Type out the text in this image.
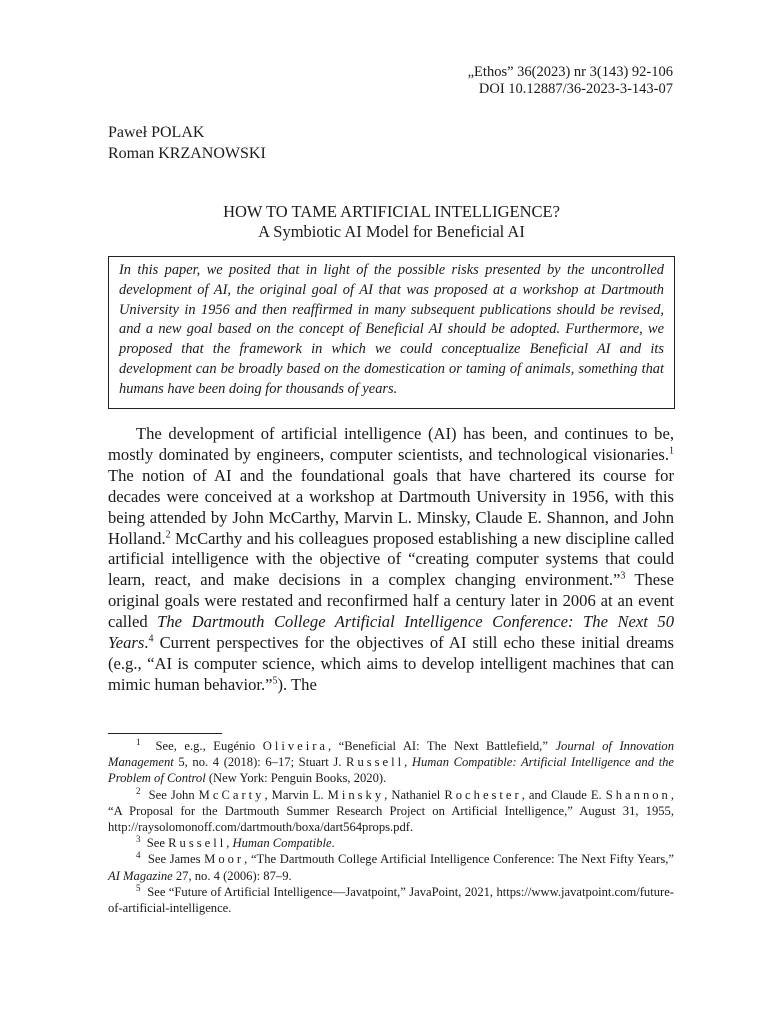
„Ethos” 36(2023) nr 3(143) 92-106
DOI 10.12887/36-2023-3-143-07
Paweł POLAK
Roman KRZANOWSKI
HOW TO TAME ARTIFICIAL INTELLIGENCE?
A Symbiotic AI Model for Beneficial AI
In this paper, we posited that in light of the possible risks presented by the uncontrolled development of AI, the original goal of AI that was proposed at a workshop at Dartmouth University in 1956 and then reaffirmed in many subsequent publications should be revised, and a new goal based on the concept of Beneficial AI should be adopted. Furthermore, we proposed that the framework in which we could conceptualize Beneficial AI and its development can be broadly based on the domestication or taming of animals, something that humans have been doing for thousands of years.

The development of artificial intelligence (AI) has been, and continues to be, mostly dominated by engineers, computer scientists, and technological visionaries.$^1$ The notion of AI and the foundational goals that have chartered its course for decades were conceived at a workshop at Dartmouth University in 1956, with this being attended by John McCarthy, Marvin L. Minsky, Claude E. Shannon, and John Holland.$^2$ McCarthy and his colleagues proposed establishing a new discipline called artificial intelligence with the objective of “creating computer systems that could learn, react, and make decisions in a complex changing environment.”$^3$ These original goals were restated and reconfirmed half a century later in 2006 at an event called The Dartmouth College Artificial Intelligence Conference: The Next 50 Years.$^4$ Current perspectives for the objectives of AI still echo these initial dreams (e.g., “AI is computer science, which aims to develop intelligent machines that can mimic human behavior.”$^5$). The

$^1$ See, e.g., Eugénio Oliveira, “Beneficial AI: The Next Battlefield,” Journal of Innovation Management 5, no. 4 (2018): 6–17; Stuart J. Russell, Human Compatible: Artificial Intelligence and the Problem of Control (New York: Penguin Books, 2020).

$^2$ See John McCarty, Marvin L. Minsky, Nathaniel Rochester, and Claude E. Shannon, “A Proposal for the Dartmouth Summer Research Project on Artificial Intelligence,” August 31, 1955, http://raysolomonoff.com/dartmouth/boxa/dart564props.pdf.

$^3$ See Russell, Human Compatible.

$^4$ See James Moor, “The Dartmouth College Artificial Intelligence Conference: The Next Fifty Years,” AI Magazine 27, no. 4 (2006): 87–9.

$^5$ See “Future of Artificial Intelligence—Javatpoint,” JavaPoint, 2021, https://www.javatpoint.com/future-of-artificial-intelligence.
